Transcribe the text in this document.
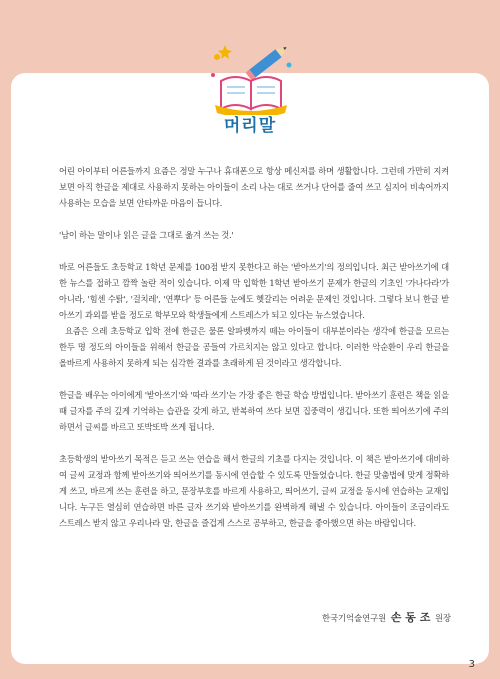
머리말

어린 아이부터 어른들까지 요즘은 정말 누구나 휴대폰으로 항상 메신저를 하며 생활합니다. 그런데 가만히 지켜보면 아직 한글을 제대로 사용하지 못하는 아이들이 소리 나는 대로 쓰거나 단어를 줄여 쓰고 심지어 비속어까지 사용하는 모습을 보면 안타까운 마음이 듭니다.

'남이 하는 말이나 읽은 글을 그대로 옮겨 쓰는 것.'

바로 어른들도 초등학교 1학년 문제를 100점 받지 못한다고 하는 '받아쓰기'의 정의입니다. 최근 받아쓰기에 대한 뉴스를 접하고 깜짝 놀란 적이 있습니다. 이제 막 입학한 1학년 받아쓰기 문제가 한글의 기초인 '가나다라'가 아니라, '힘센 수탉', '걸치레', '연뿌다' 등 어른들 눈에도 헷갈리는 어려운 문제인 것입니다. 그렇다 보니 한글 받아쓰기 과외를 받을 정도로 학부모와 학생들에게 스트레스가 되고 있다는 뉴스였습니다.

요즘은 으레 초등학교 입학 전에 한글은 물론 알파벳까지 떼는 아이들이 대부분이라는 생각에 한글을 모르는 한두 명 정도의 아이들을 위해서 한글을 공들여 가르치지는 않고 있다고 합니다. 이러한 악순환이 우리 한글을 올바르게 사용하지 못하게 되는 심각한 결과를 초래하게 된 것이라고 생각합니다.

한글을 배우는 아이에게 '받아쓰기'와 '따라 쓰기'는 가장 좋은 한글 학습 방법입니다. 받아쓰기 훈련은 책을 읽을 때 글자를 주의 깊게 기억하는 습관을 갖게 하고, 반복하여 쓰다 보면 집중력이 생깁니다. 또한 띄어쓰기에 주의하면서 글씨를 바르고 또박또박 쓰게 됩니다.

초등학생의 받아쓰기 목적은 듣고 쓰는 연습을 해서 한글의 기초를 다지는 것입니다. 이 책은 받아쓰기에 대비하여 글씨 교정과 함께 받아쓰기와 띄어쓰기를 동시에 연습할 수 있도록 만들었습니다. 한글 맞춤법에 맞게 정확하게 쓰고, 바르게 쓰는 훈련을 하고, 문장부호를 바르게 사용하고, 띄어쓰기, 글씨 교정을 동시에 연습하는 교재입니다. 누구든 열심히 연습하면 바른 글자 쓰기와 받아쓰기를 완벽하게 해낼 수 있습니다. 아이들이 조금이라도 스트레스 받지 않고 우리나라 말, 한글을 즐겁게 스스로 공부하고, 한글을 좋아했으면 하는 바람입니다.

한국기억술연구원 손 동 조 원장
3
